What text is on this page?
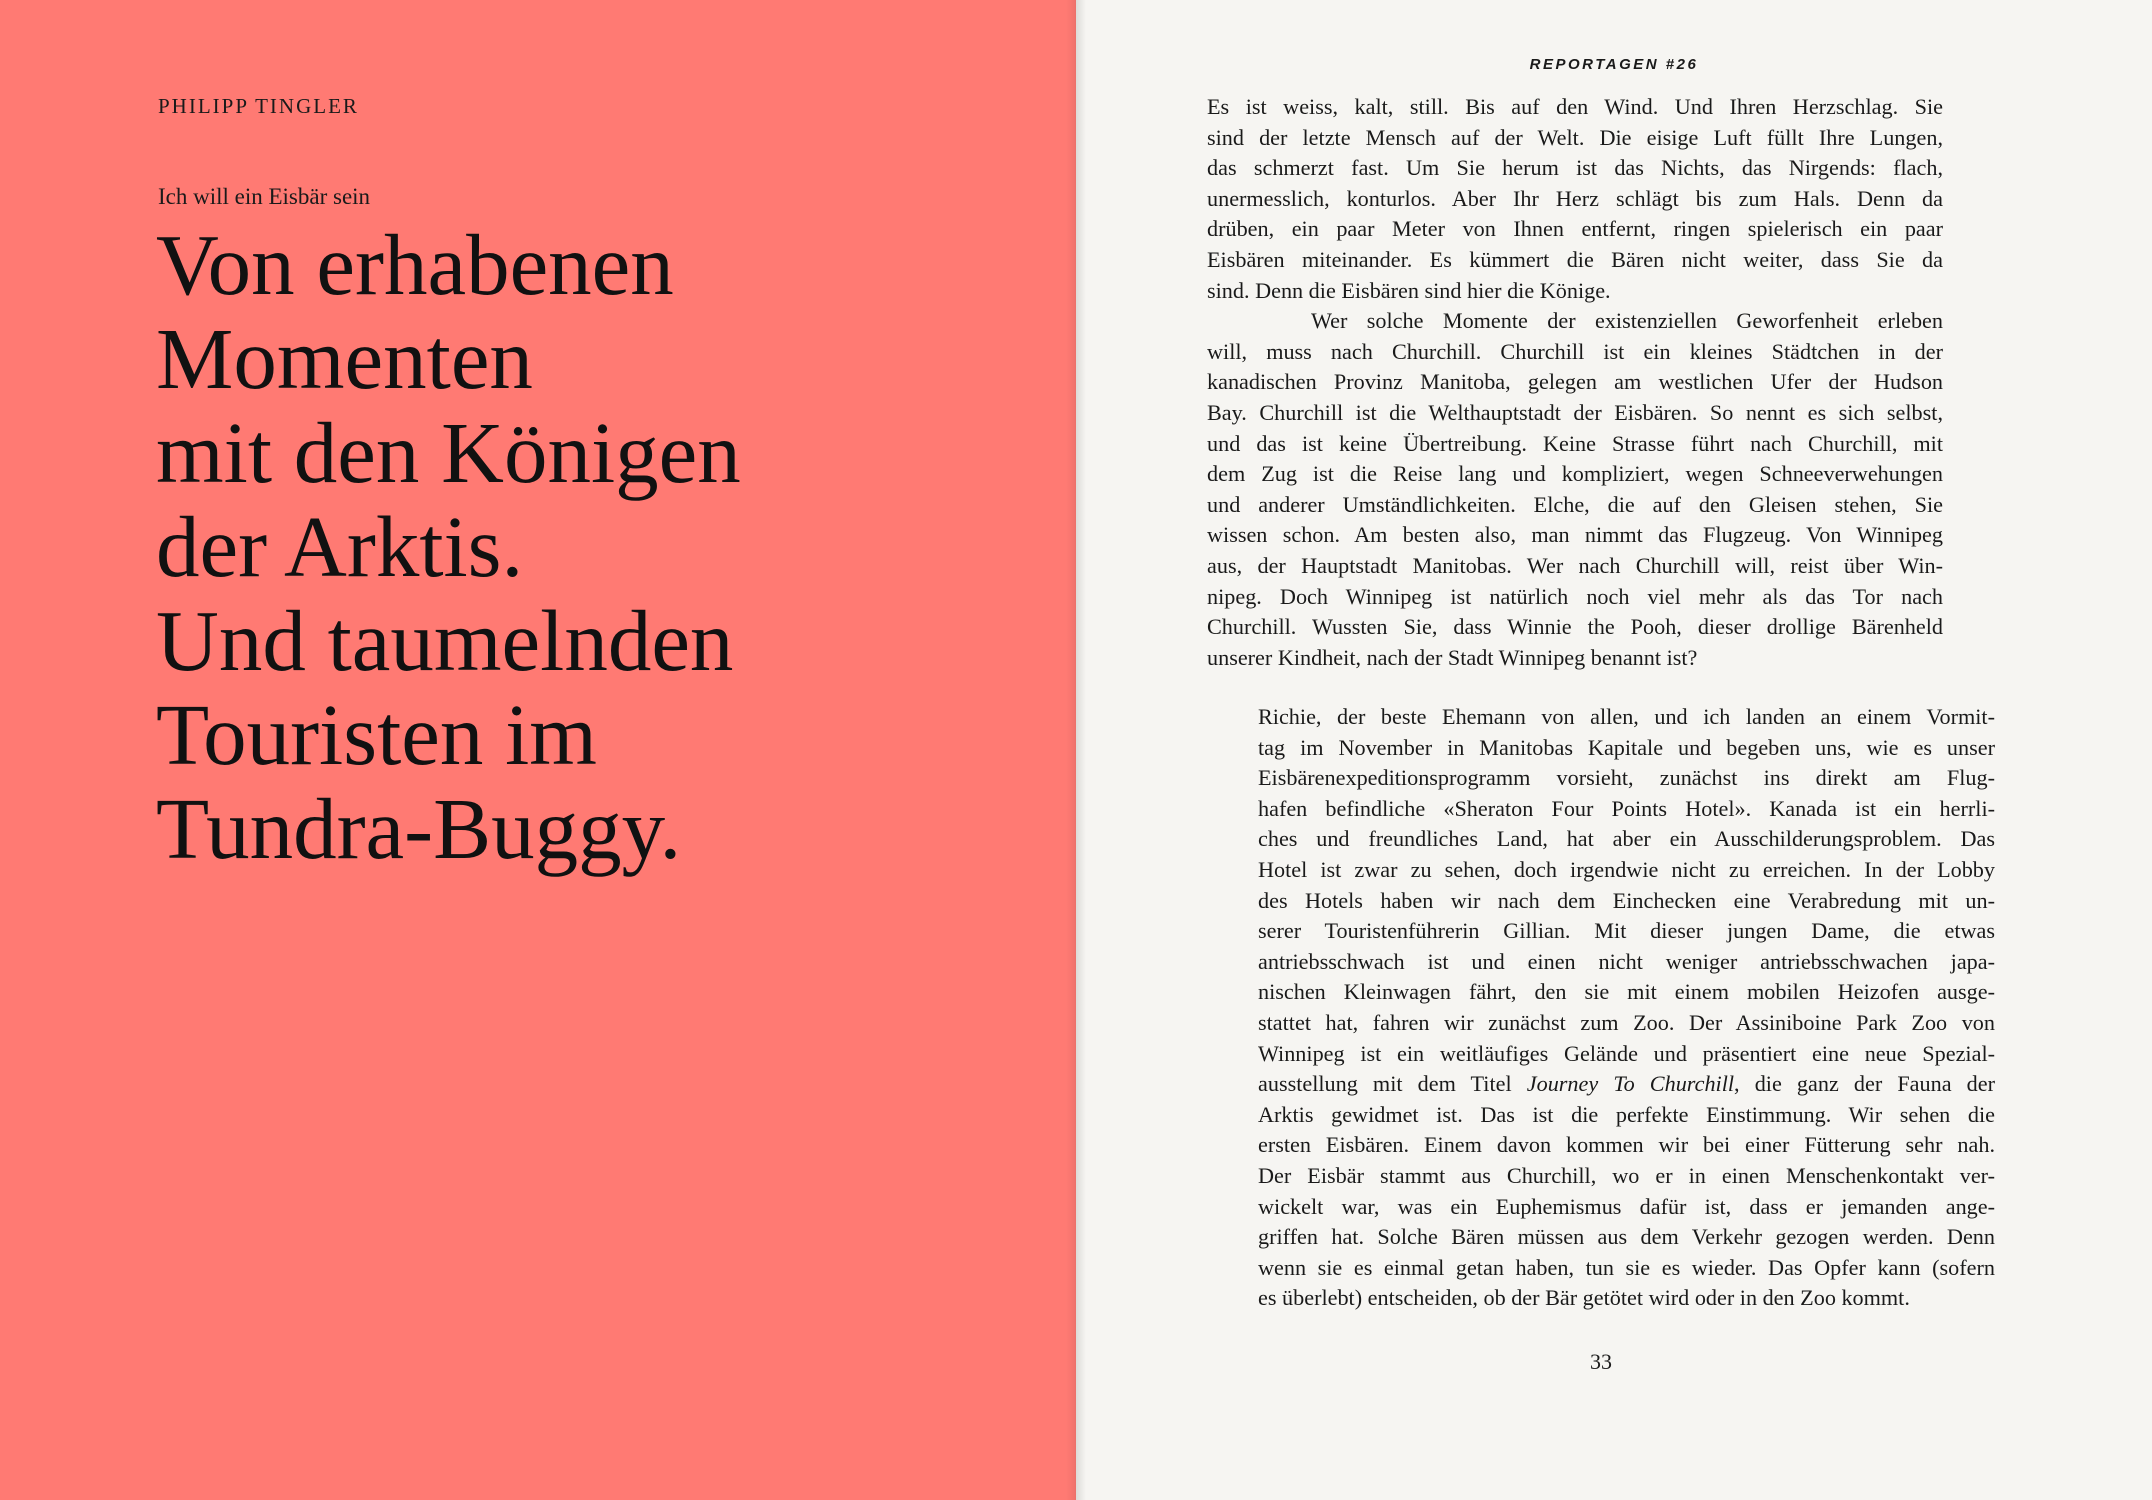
PHILIPP TINGLER
Ich will ein Eisbär sein
Von erhabenen
Momenten
mit den Königen
der Arktis.
Und taumelnden
Touristen im
Tundra-Buggy.
REPORTAGEN #26

Es ist weiss, kalt, still. Bis auf den Wind. Und Ihren Herzschlag. Sie

sind der letzte Mensch auf der Welt. Die eisige Luft füllt Ihre Lungen,

das schmerzt fast. Um Sie herum ist das Nichts, das Nirgends: flach,

unermesslich, konturlos. Aber Ihr Herz schlägt bis zum Hals. Denn da

drüben, ein paar Meter von Ihnen entfernt, ringen spielerisch ein paar

Eisbären miteinander. Es kümmert die Bären nicht weiter, dass Sie da

sind. Denn die Eisbären sind hier die Könige.

Wer solche Momente der existenziellen Geworfenheit erleben

will, muss nach Churchill. Churchill ist ein kleines Städtchen in der

kanadischen Provinz Manitoba, gelegen am westlichen Ufer der Hudson

Bay. Churchill ist die Welthauptstadt der Eisbären. So nennt es sich selbst,

und das ist keine Übertreibung. Keine Strasse führt nach Churchill, mit

dem Zug ist die Reise lang und kompliziert, wegen Schneeverwehungen

und anderer Umständlichkeiten. Elche, die auf den Gleisen stehen, Sie

wissen schon. Am besten also, man nimmt das Flugzeug. Von Winnipeg

aus, der Hauptstadt Manitobas. Wer nach Churchill will, reist über Win-

nipeg. Doch Winnipeg ist natürlich noch viel mehr als das Tor nach

Churchill. Wussten Sie, dass Winnie the Pooh, dieser drollige Bärenheld

unserer Kindheit, nach der Stadt Winnipeg benannt ist?

Richie, der beste Ehemann von allen, und ich landen an einem Vormit-

tag im November in Manitobas Kapitale und begeben uns, wie es unser

Eisbärenexpeditionsprogramm vorsieht, zunächst ins direkt am Flug-

hafen befindliche «Sheraton Four Points Hotel». Kanada ist ein herrli-

ches und freundliches Land, hat aber ein Ausschilderungsproblem. Das

Hotel ist zwar zu sehen, doch irgendwie nicht zu erreichen. In der Lobby

des Hotels haben wir nach dem Einchecken eine Verabredung mit un-

serer Touristenführerin Gillian. Mit dieser jungen Dame, die etwas

antriebsschwach ist und einen nicht weniger antriebsschwachen japa-

nischen Kleinwagen fährt, den sie mit einem mobilen Heizofen ausge-

stattet hat, fahren wir zunächst zum Zoo. Der Assiniboine Park Zoo von

Winnipeg ist ein weitläufiges Gelände und präsentiert eine neue Spezial-

ausstellung mit dem Titel Journey To Churchill, die ganz der Fauna der

Arktis gewidmet ist. Das ist die perfekte Einstimmung. Wir sehen die

ersten Eisbären. Einem davon kommen wir bei einer Fütterung sehr nah.

Der Eisbär stammt aus Churchill, wo er in einen Menschenkontakt ver-

wickelt war, was ein Euphemismus dafür ist, dass er jemanden ange-

griffen hat. Solche Bären müssen aus dem Verkehr gezogen werden. Denn

wenn sie es einmal getan haben, tun sie es wieder. Das Opfer kann (sofern

es überlebt) entscheiden, ob der Bär getötet wird oder in den Zoo kommt.

33
